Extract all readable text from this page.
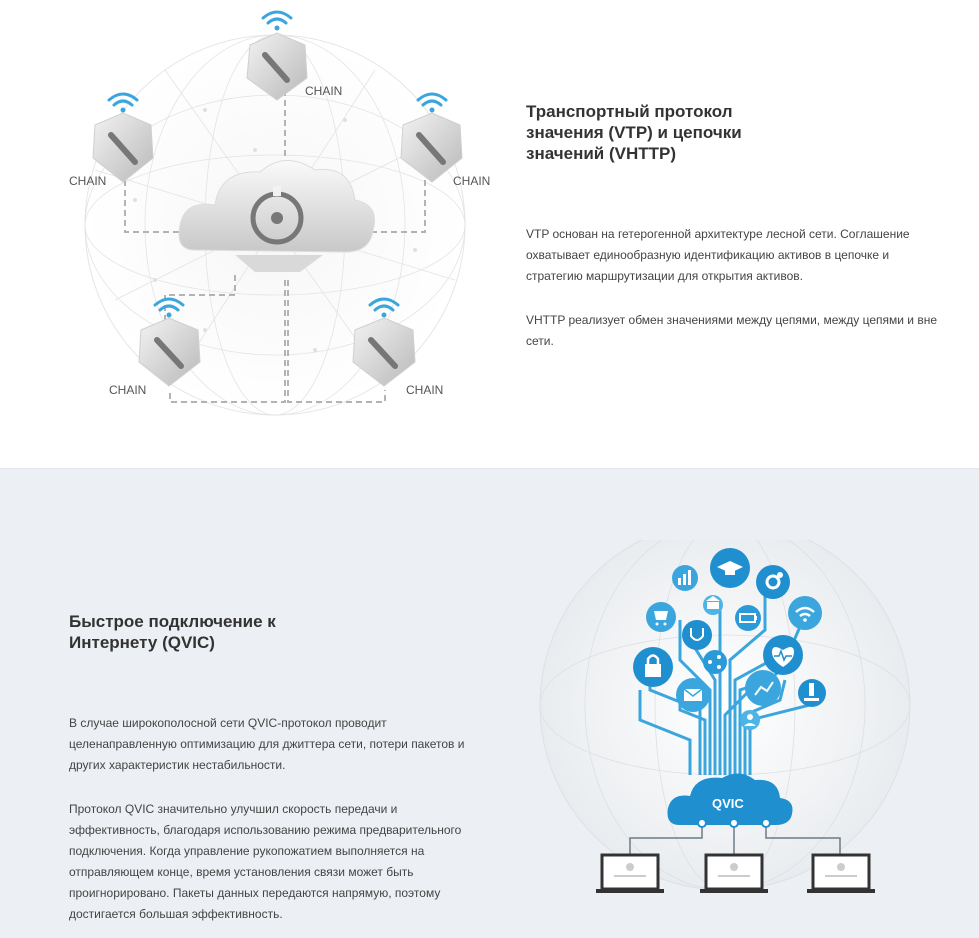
CHAIN
CHAIN	CHAIN
CHAIN	CHAIN
Транспортный протокол значения (VTP) и цепочки значений (VHTTP)

VTP основан на гетерогенной архитектуре лесной сети. Соглашение охватывает единообразную идентификацию активов в цепочке и стратегию маршрутизации для открытия активов.

VHTTP реализует обмен значениями между цепями, между цепями и вне сети.

Быстрое подключение к Интернету (QVIC)

В случае широкополосной сети QVIC-протокол проводит целенаправленную оптимизацию для джиттера сети, потери пакетов и других характеристик нестабильности.

Протокол QVIC значительно улучшил скорость передачи и эффективность, благодаря использованию режима предварительного подключения. Когда управление рукопожатием выполняется на отправляющем конце, время установления связи может быть проигнорировано. Пакеты данных передаются напрямую, поэтому достигается большая эффективность.

QVIC
